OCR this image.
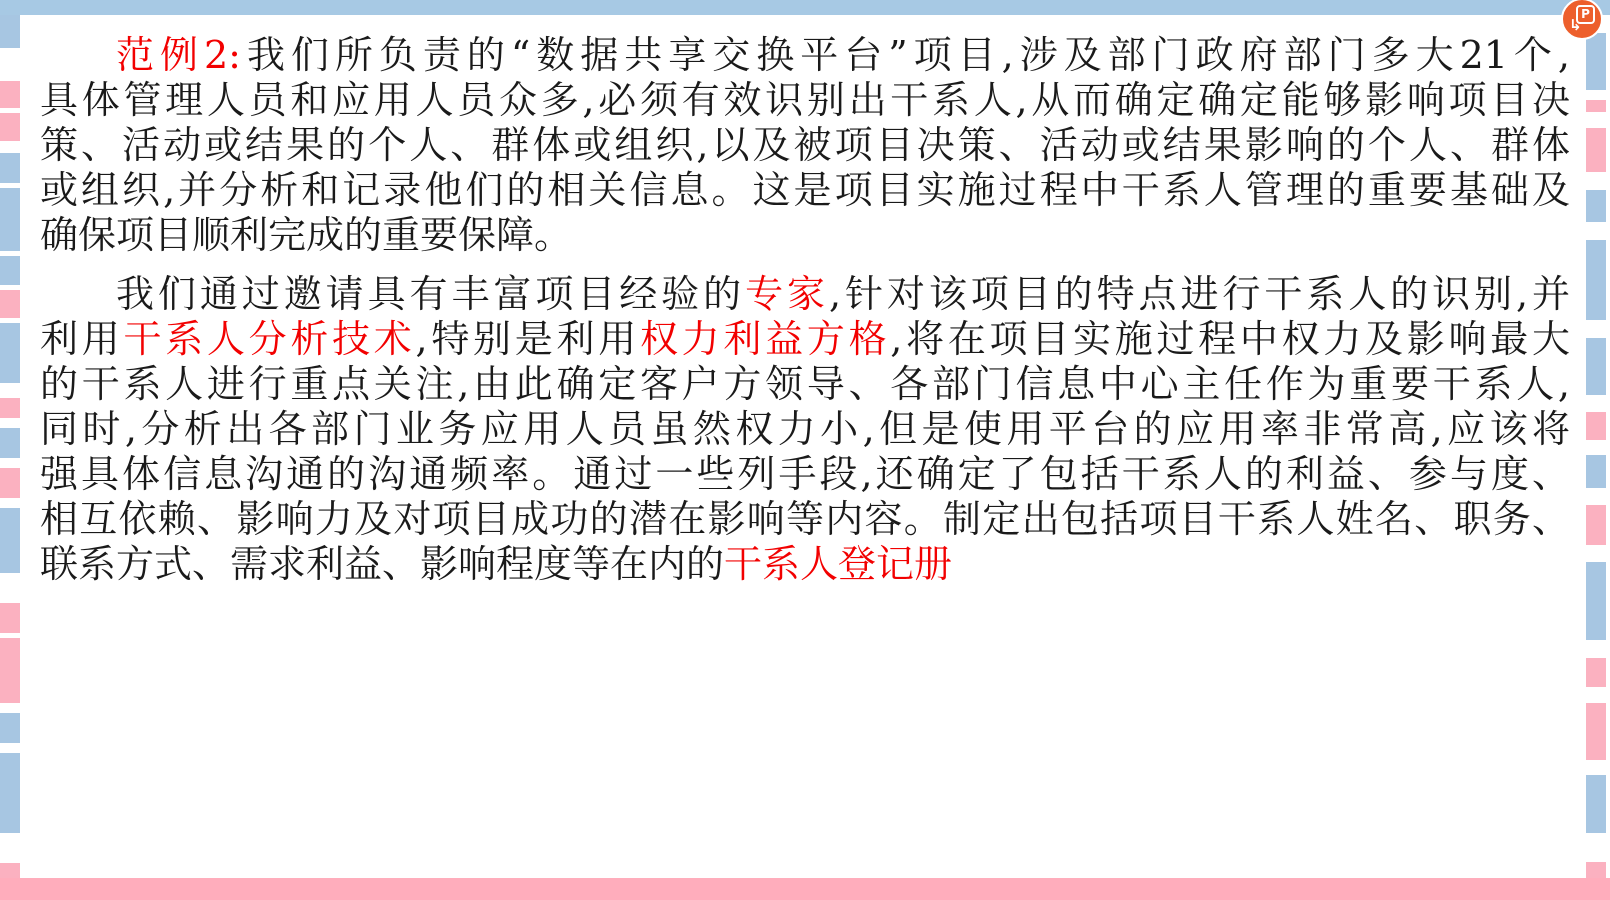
范例2:我们所负责的“数据共享交换平台”项目,涉及部门政府部门多大21个,
具体管理人员和应用人员众多,必须有效识别出干系人,从而确定确定能够影响项目决
策、活动或结果的个人、群体或组织,以及被项目决策、活动或结果影响的个人、群体
或组织,并分析和记录他们的相关信息。这是项目实施过程中干系人管理的重要基础及
确保项目顺利完成的重要保障。
我们通过邀请具有丰富项目经验的专家,针对该项目的特点进行干系人的识别,并
利用干系人分析技术,特别是利用权力利益方格,将在项目实施过程中权力及影响最大
的干系人进行重点关注,由此确定客户方领导、各部门信息中心主任作为重要干系人,
同时,分析出各部门业务应用人员虽然权力小,但是使用平台的应用率非常高,应该将
强具体信息沟通的沟通频率。通过一些列手段,还确定了包括干系人的利益、参与度、
相互依赖、影响力及对项目成功的潜在影响等内容。制定出包括项目干系人姓名、职务、
联系方式、需求利益、影响程度等在内的干系人登记册
↳
P
